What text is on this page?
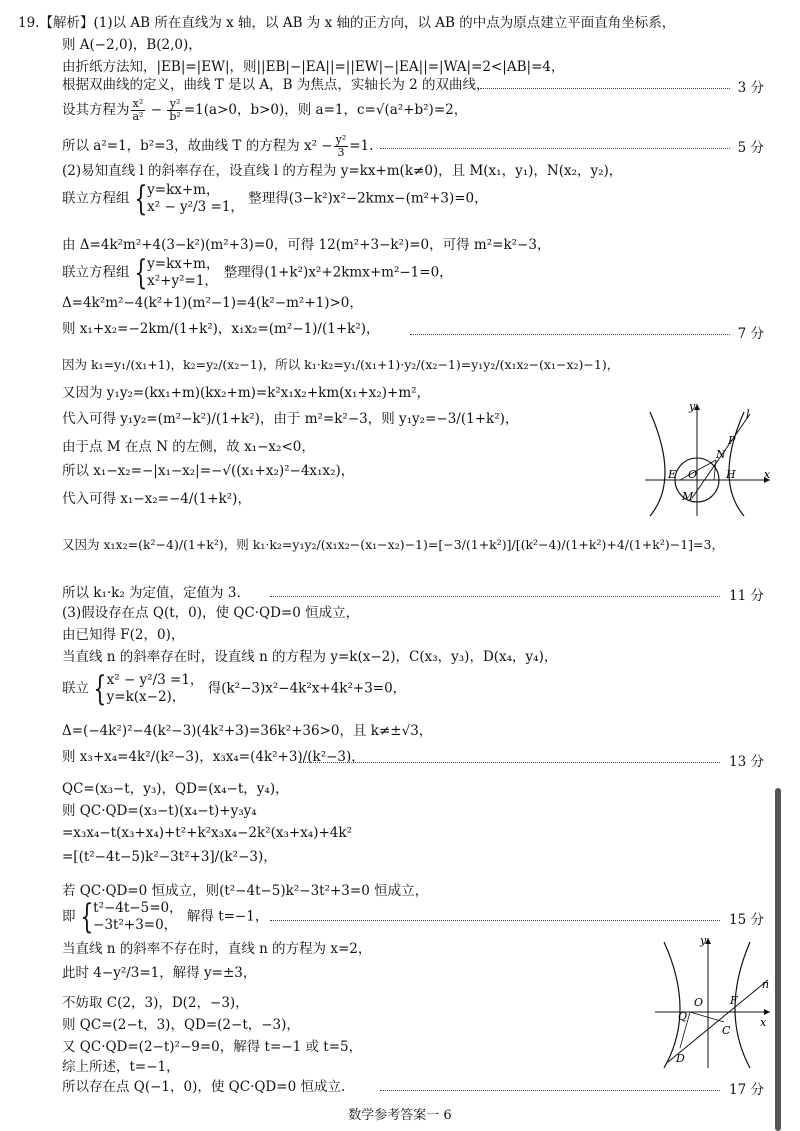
19.【解析】(1)以 AB 所在直线为 x 轴，以 AB 为 x 轴的正方向，以 AB 的中点为原点建立平面直角坐标系，
则 A(−2,0)，B(2,0)，
由折纸方法知，|EB|=|EW|，则||EB|−|EA||=||EW|−|EA||=|WA|=2<|AB|=4，
根据双曲线的定义，曲线 T 是以 A，B 为焦点，实轴长为 2 的双曲线，	3 分
设其方程为 $\frac{\text{x²}}{\text{a²}} - \frac{\text{y²}}{\text{b²}} =1(a>0$，b>0)，则 a=1，c=√(a²+b²)=2，
所以 a²=1，b²=3，故曲线 T 的方程为 $x^2 - \frac{\text{y²}}{3} =1$.	5 分
(2)易知直线 l 的斜率存在，设直线 l 的方程为 y=kx+m(k≠0)，且 M(x₁，y₁)，N(x₂，y₂)，
联立方程组 { y=kx+m，
x² − y²/3 =1，
整理得(3−k²)x²−2kmx−(m²+3)=0，
由 Δ=4k²m²+4(3−k²)(m²+3)=0，可得 12(m²+3−k²)=0，可得 m²=k²−3，
联立方程组 { y=kx+m，
x²+y²=1，
整理得(1+k²)x²+2kmx+m²−1=0，
Δ=4k²m²−4(k²+1)(m²−1)=4(k²−m²+1)>0，
则 x₁+x₂=−2km/(1+k²)，x₁x₂=(m²−1)/(1+k²)，	7 分
因为 k₁=y₁/(x₁+1)，k₂=y₂/(x₂−1)，所以 k₁·k₂=y₁/(x₁+1)·y₂/(x₂−1)=y₁y₂/(x₁x₂−(x₁−x₂)−1)，
又因为 y₁y₂=(kx₁+m)(kx₂+m)=k²x₁x₂+km(x₁+x₂)+m²，
代入可得 y₁y₂=(m²−k²)/(1+k²)，由于 m²=k²−3，则 y₁y₂=−3/(1+k²)，
由于点 M 在点 N 的左侧，故 x₁−x₂<0，
所以 x₁−x₂=−|x₁−x₂|=−√((x₁+x₂)²−4x₁x₂)，
代入可得 x₁−x₂=−4/(1+k²)，
又因为 x₁x₂=(k²−4)/(1+k²)，则 k₁·k₂=y₁y₂/(x₁x₂−(x₁−x₂)−1)=[−3/(1+k²)]/[(k²−4)/(1+k²)+4/(1+k²)−1]=3，
所以 k₁·k₂ 为定值，定值为 3.	11 分
(3)假设存在点 Q(t，0)，使 QC·QD=0 恒成立，
由已知得 F(2，0)，
当直线 n 的斜率存在时，设直线 n 的方程为 y=k(x−2)，C(x₃，y₃)，D(x₄，y₄)，
联立 { x² − y²/3 =1，
y=k(x−2)，
得(k²−3)x²−4k²x+4k²+3=0，
Δ=(−4k²)²−4(k²−3)(4k²+3)=36k²+36>0，且 k≠±√3，
则 x₃+x₄=4k²/(k²−3)，x₃x₄=(4k²+3)/(k²−3)，	13 分
QC=(x₃−t，y₃)，QD=(x₄−t，y₄)，
则 QC·QD=(x₃−t)(x₄−t)+y₃y₄
=x₃x₄−t(x₃+x₄)+t²+k²x₃x₄−2k²(x₃+x₄)+4k²
=[(t²−4t−5)k²−3t²+3]/(k²−3)，
若 QC·QD=0 恒成立，则(t²−4t−5)k²−3t²+3=0 恒成立，
即 { t²−4t−5=0，
−3t²+3=0，
解得 t=−1，	15 分
当直线 n 的斜率不存在时，直线 n 的方程为 x=2，
此时 4−y²/3=1，解得 y=±3，
不妨取 C(2，3)，D(2，−3)，
则 QC=(2−t，3)，QD=(2−t，−3)，
又 QC·QD=(2−t)²−9=0，解得 t=−1 或 t=5，
综上所述，t=−1，
所以存在点 Q(−1，0)，使 QC·QD=0 恒成立.	17 分
y
l
P
N
E O	H	x
M
y
n
O F
Q
C
x
D
数学参考答案一 6
